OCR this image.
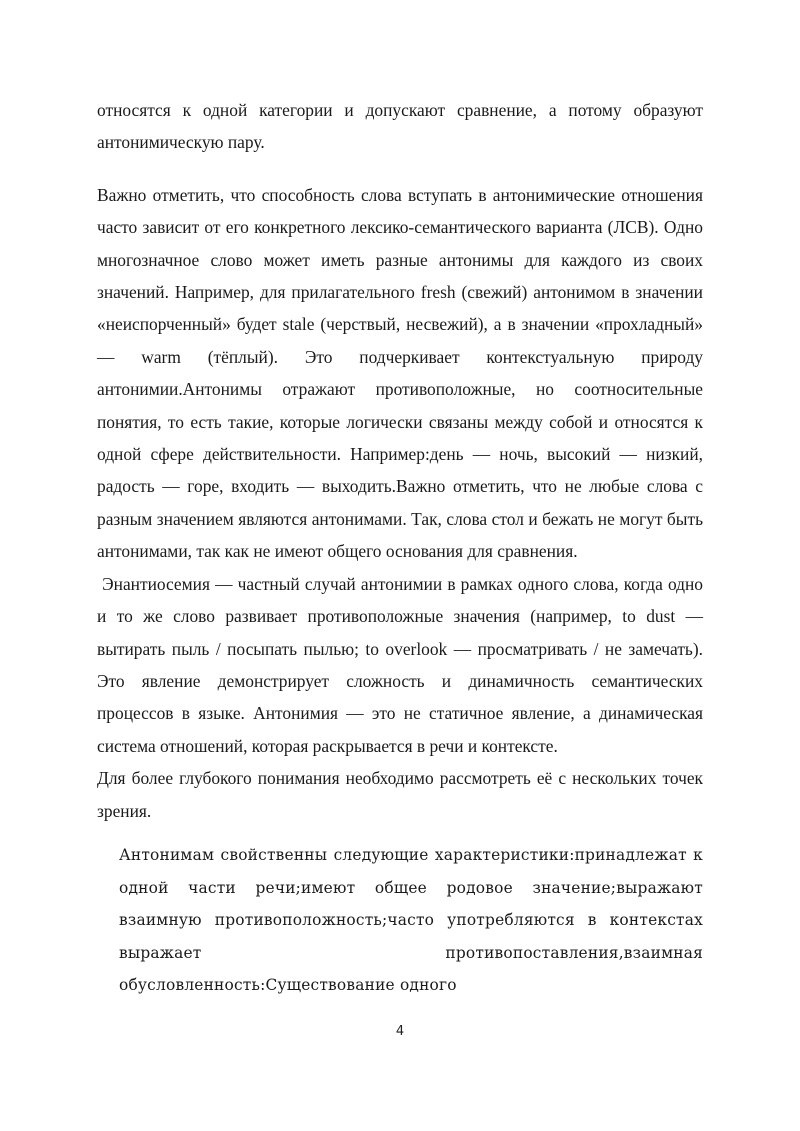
относятся к одной категории и допускают сравнение, а потому образуют антонимическую пару.

Важно отметить, что способность слова вступать в антонимические отношения часто зависит от его конкретного лексико-семантического варианта (ЛСВ). Одно многозначное слово может иметь разные антонимы для каждого из своих значений. Например, для прилагательного fresh (свежий) антонимом в значении «неиспорченный» будет stale (черствый, несвежий), а в значении «прохладный» — warm (тёплый). Это подчеркивает контекстуальную природу антонимии.Антонимы отражают противоположные, но соотносительные понятия, то есть такие, которые логически связаны между собой и относятся к одной сфере действительности. Например:день — ночь, высокий — низкий, радость — горе, входить — выходить.Важно отметить, что не любые слова с разным значением являются антонимами. Так, слова стол и бежать не могут быть антонимами, так как не имеют общего основания для сравнения.

Энантиосемия — частный случай антонимии в рамках одного слова, когда одно и то же слово развивает противоположные значения (например, to dust — вытирать пыль / посыпать пылью; to overlook — просматривать / не замечать). Это явление демонстрирует сложность и динамичность семантических процессов в языке. Антонимия — это не статичное явление, а динамическая система отношений, которая раскрывается в речи и контексте.

Для более глубокого понимания необходимо рассмотреть её с нескольких точек зрения.

Антонимам свойственны следующие характеристики:принадлежат к одной части речи;имеют общее родовое значение;выражают взаимную противоположность;часто употребляются в контекстах выражает противопоставления,взаимная обусловленность:Существование одного

4
